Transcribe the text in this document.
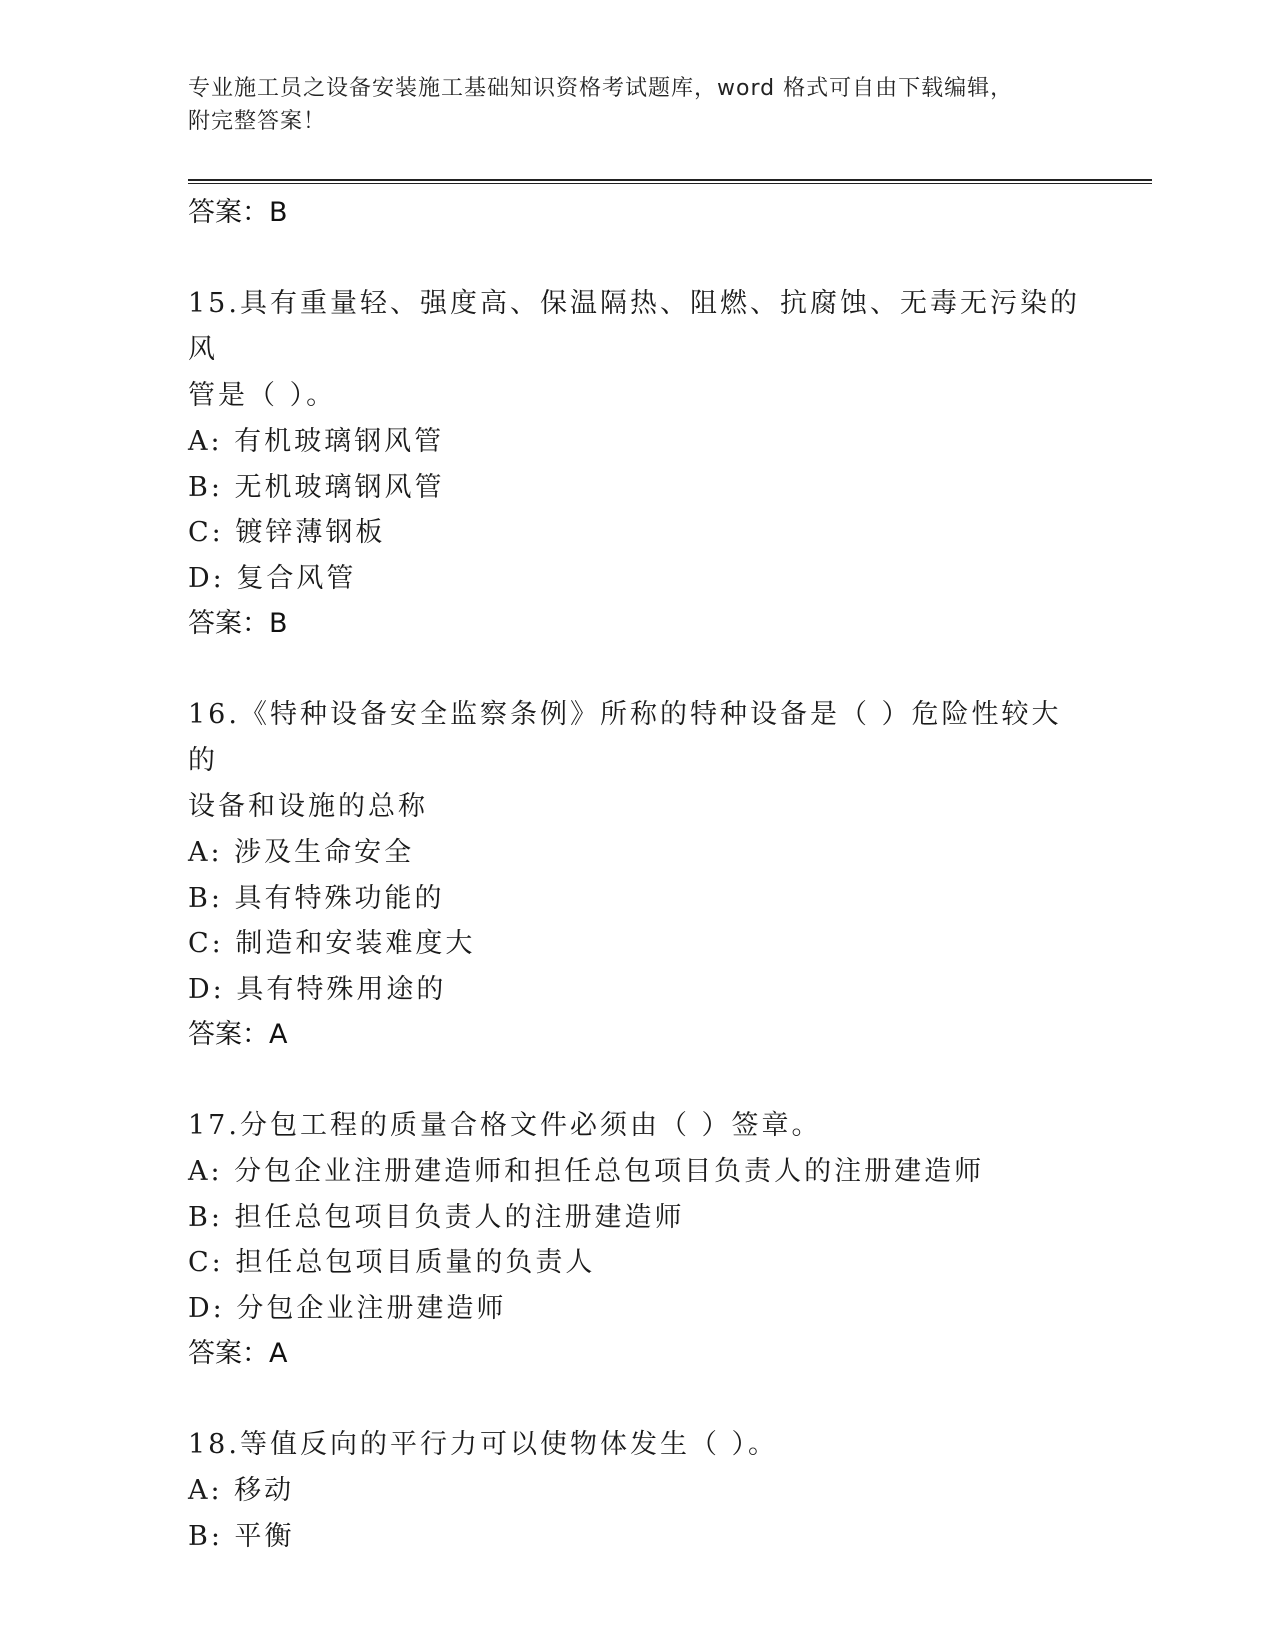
专业施工员之设备安装施工基础知识资格考试题库，word 格式可自由下载编辑，
附完整答案！
答案：B
15.具有重量轻、强度高、保温隔热、阻燃、抗腐蚀、无毒无污染的风
管是（ ）。
A: 有机玻璃钢风管
B: 无机玻璃钢风管
C: 镀锌薄钢板
D: 复合风管
答案：B
16.《特种设备安全监察条例》所称的特种设备是（ ）危险性较大的
设备和设施的总称
A: 涉及生命安全
B: 具有特殊功能的
C: 制造和安装难度大
D: 具有特殊用途的
答案：A
17.分包工程的质量合格文件必须由（ ）签章。
A: 分包企业注册建造师和担任总包项目负责人的注册建造师
B: 担任总包项目负责人的注册建造师
C: 担任总包项目质量的负责人
D: 分包企业注册建造师
答案：A
18.等值反向的平行力可以使物体发生（ ）。
A: 移动
B: 平衡
